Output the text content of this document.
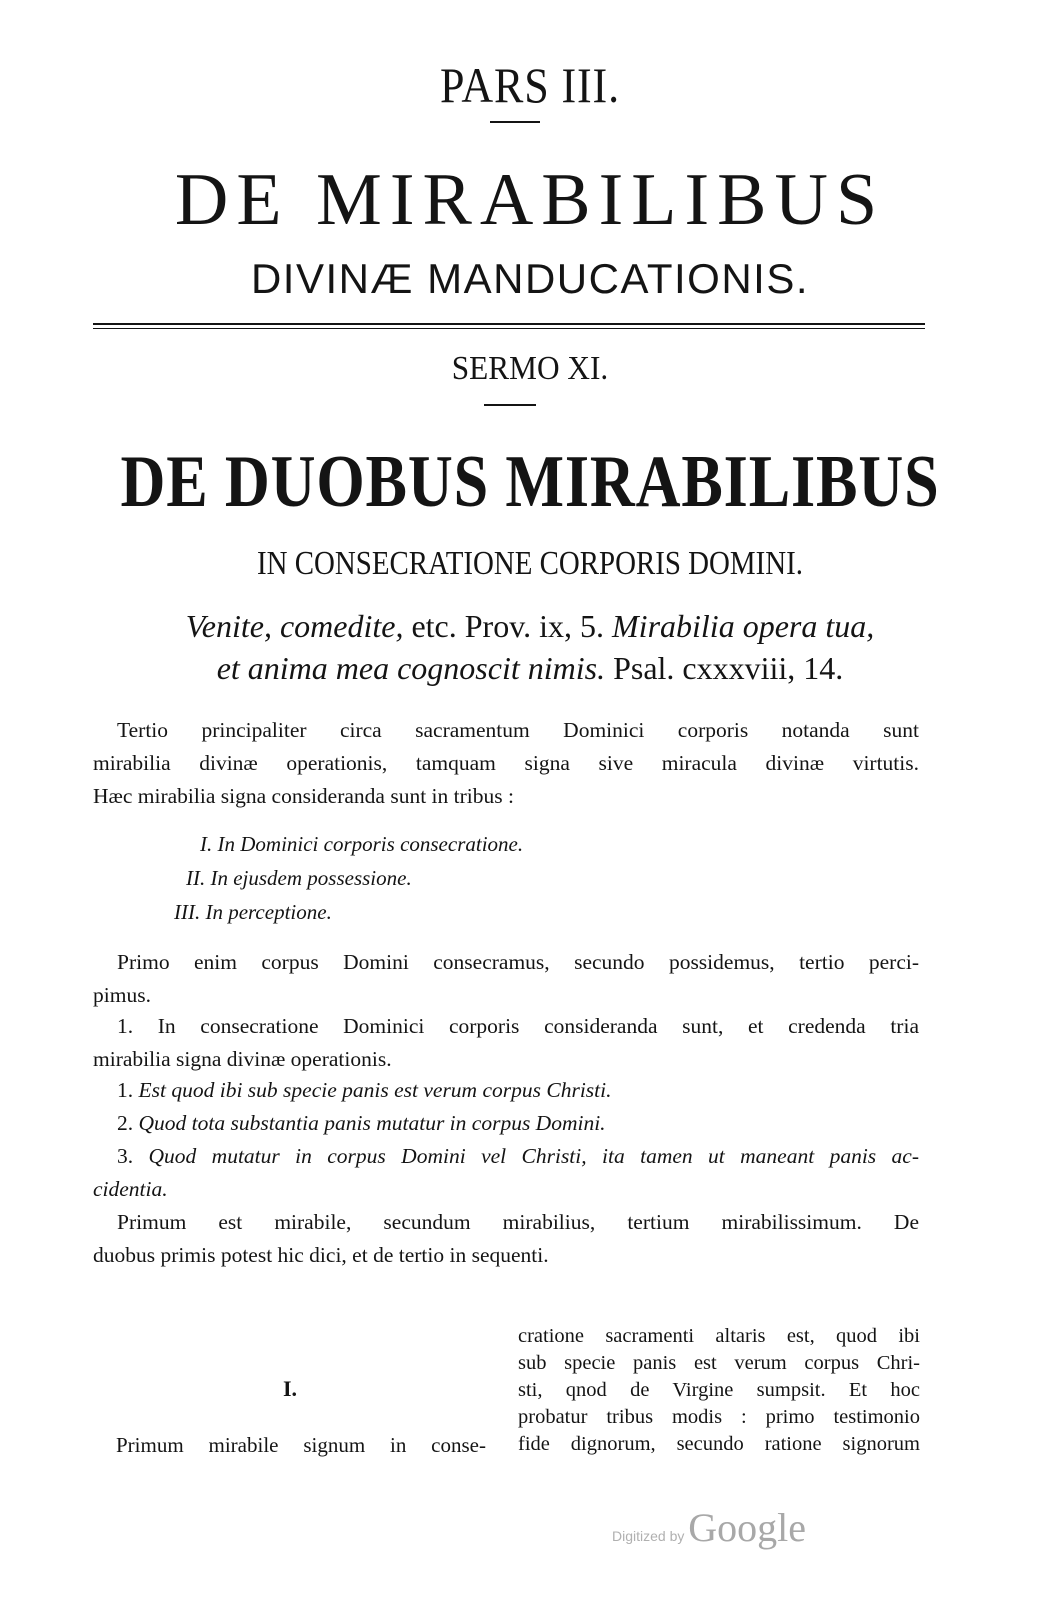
PARS III.
DE MIRABILIBUS
DIVINÆ MANDUCATIONIS.
SERMO XI.
DE DUOBUS MIRABILIBUS
IN CONSECRATIONE CORPORIS DOMINI.
Venite, comedite, etc. Prov. ix, 5. Mirabilia opera tua,
et anima mea cognoscit nimis. Psal. cxxxviii, 14.
Tertio principaliter circa sacramentum Dominici corporis notanda sunt
mirabilia divinæ operationis, tamquam signa sive miracula divinæ virtutis.
Hæc mirabilia signa consideranda sunt in tribus :
I. In Dominici corporis consecratione.
II. In ejusdem possessione.
III. In perceptione.
Primo enim corpus Domini consecramus, secundo possidemus, tertio perci-
pimus.
1. In consecratione Dominici corporis consideranda sunt, et credenda tria
mirabilia signa divinæ operationis.
1. Est quod ibi sub specie panis est verum corpus Christi.
2. Quod tota substantia panis mutatur in corpus Domini.
3. Quod mutatur in corpus Domini vel Christi, ita tamen ut maneant panis ac-
cidentia.
Primum est mirabile, secundum mirabilius, tertium mirabilissimum. De
duobus primis potest hic dici, et de tertio in sequenti.
I.
Primum mirabile signum in conse-
cratione sacramenti altaris est, quod ibi
sub specie panis est verum corpus Chri-
sti, qnod de Virgine sumpsit. Et hoc
probatur tribus modis : primo testimonio
fide dignorum, secundo ratione signorum
Digitized by Google
